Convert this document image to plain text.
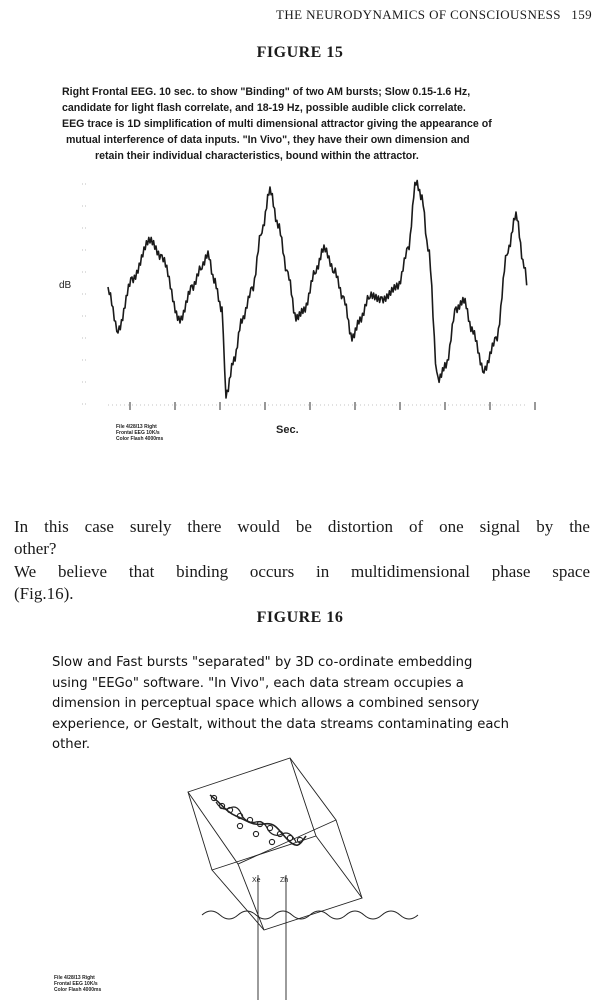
THE NEURODYNAMICS OF CONSCIOUSNESS 159
FIGURE 15
Right Frontal EEG. 10 sec. to show "Binding" of two AM bursts; Slow 0.15-1.6 Hz,
candidate for light flash correlate, and 18-19 Hz, possible audible click correlate.
EEG trace is 1D simplification of multi dimensional attractor giving the appearance of
mutual interference of data inputs. "In Vivo", they have their own dimension and
retain their individual characteristics, bound within the attractor.
dB
Sec.
File 4/28/13 Right
Frontal EEG 10K/s
Color Flash 4000ms
In this case surely there would be distortion of one signal by the
other?
We believe that binding occurs in multidimensional phase space
(Fig.16).
FIGURE 16
Slow and Fast bursts "separated" by 3D co-ordinate embedding
using "EEGo" software. "In Vivo", each data stream occupies a
dimension in perceptual space which allows a combined sensory
experience, or Gestalt, without the data streams contaminating each
other.
Xe	Zh
File 4/28/13 Right
Frontal EEG 10K/s
Color Flash 4000ms
